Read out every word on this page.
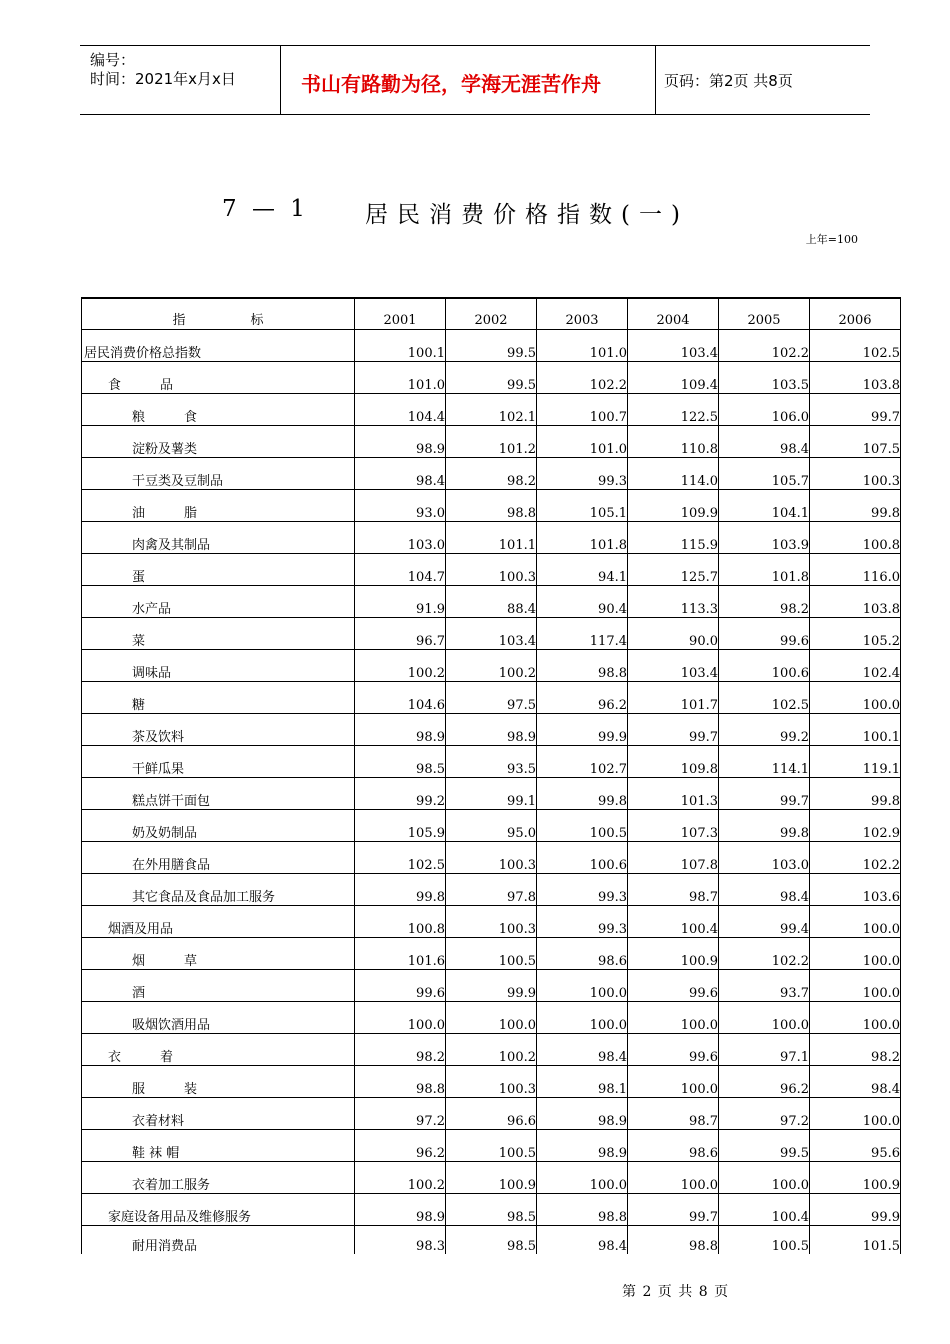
编号：
时间：2021年x月x日	书山有路勤为径，学海无涯苦作舟	页码：第2页 共8页
7 — 1 居民消费价格指数(一)
上年=100
指　　　　　标	2001	2002	2003	2004	2005	2006
居民消费价格总指数	100.1	99.5	101.0	103.4	102.2	102.5
食　　　品	101.0	99.5	102.2	109.4	103.5	103.8
粮　　　食	104.4	102.1	100.7	122.5	106.0	99.7
淀粉及薯类	98.9	101.2	101.0	110.8	98.4	107.5
干豆类及豆制品	98.4	98.2	99.3	114.0	105.7	100.3
油　　　脂	93.0	98.8	105.1	109.9	104.1	99.8
肉禽及其制品	103.0	101.1	101.8	115.9	103.9	100.8
蛋	104.7	100.3	94.1	125.7	101.8	116.0
水产品	91.9	88.4	90.4	113.3	98.2	103.8
菜	96.7	103.4	117.4	90.0	99.6	105.2
调味品	100.2	100.2	98.8	103.4	100.6	102.4
糖	104.6	97.5	96.2	101.7	102.5	100.0
茶及饮料	98.9	98.9	99.9	99.7	99.2	100.1
干鲜瓜果	98.5	93.5	102.7	109.8	114.1	119.1
糕点饼干面包	99.2	99.1	99.8	101.3	99.7	99.8
奶及奶制品	105.9	95.0	100.5	107.3	99.8	102.9
在外用膳食品	102.5	100.3	100.6	107.8	103.0	102.2
其它食品及食品加工服务	99.8	97.8	99.3	98.7	98.4	103.6
烟酒及用品	100.8	100.3	99.3	100.4	99.4	100.0
烟　　　草	101.6	100.5	98.6	100.9	102.2	100.0
酒	99.6	99.9	100.0	99.6	93.7	100.0
吸烟饮酒用品	100.0	100.0	100.0	100.0	100.0	100.0
衣　　　着	98.2	100.2	98.4	99.6	97.1	98.2
服　　　装	98.8	100.3	98.1	100.0	96.2	98.4
衣着材料	97.2	96.6	98.9	98.7	97.2	100.0
鞋 袜 帽	96.2	100.5	98.9	98.6	99.5	95.6
衣着加工服务	100.2	100.9	100.0	100.0	100.0	100.9
家庭设备用品及维修服务	98.9	98.5	98.8	99.7	100.4	99.9
耐用消费品	98.3	98.5	98.4	98.8	100.5	101.5
第 2 页 共 8 页
